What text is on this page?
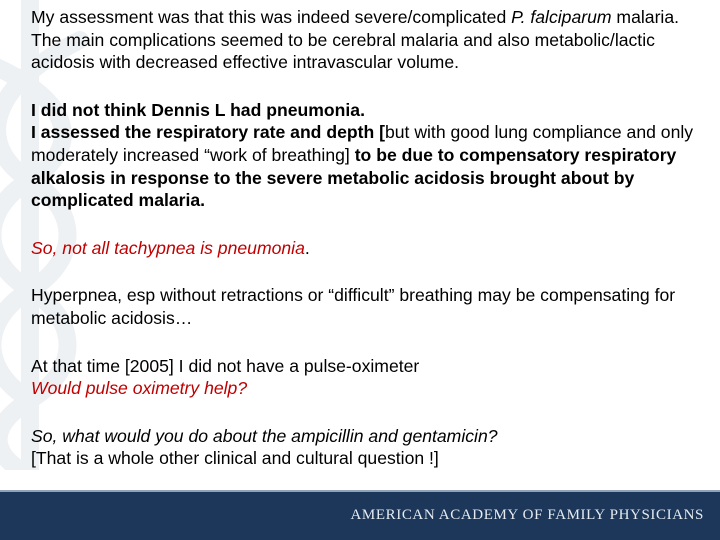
My assessment was that this was indeed severe/complicated P. falciparum malaria. The main complications seemed to be cerebral malaria and also metabolic/lactic acidosis with decreased effective intravascular volume.

I did not think Dennis L had pneumonia.
I assessed the respiratory rate and depth [but with good lung compliance and only moderately increased “work of breathing] to be due to compensatory respiratory alkalosis in response to the severe metabolic acidosis brought about by complicated malaria.

So, not all tachypnea is pneumonia.

Hyperpnea, esp without retractions or “difficult” breathing may be compensating for metabolic acidosis…

At that time [2005] I did not have a pulse-oximeter
Would pulse oximetry help?

So, what would you do about the ampicillin and gentamicin?
[That is a whole other clinical and cultural question !]

AMERICAN ACADEMY OF FAMILY PHYSICIANS
